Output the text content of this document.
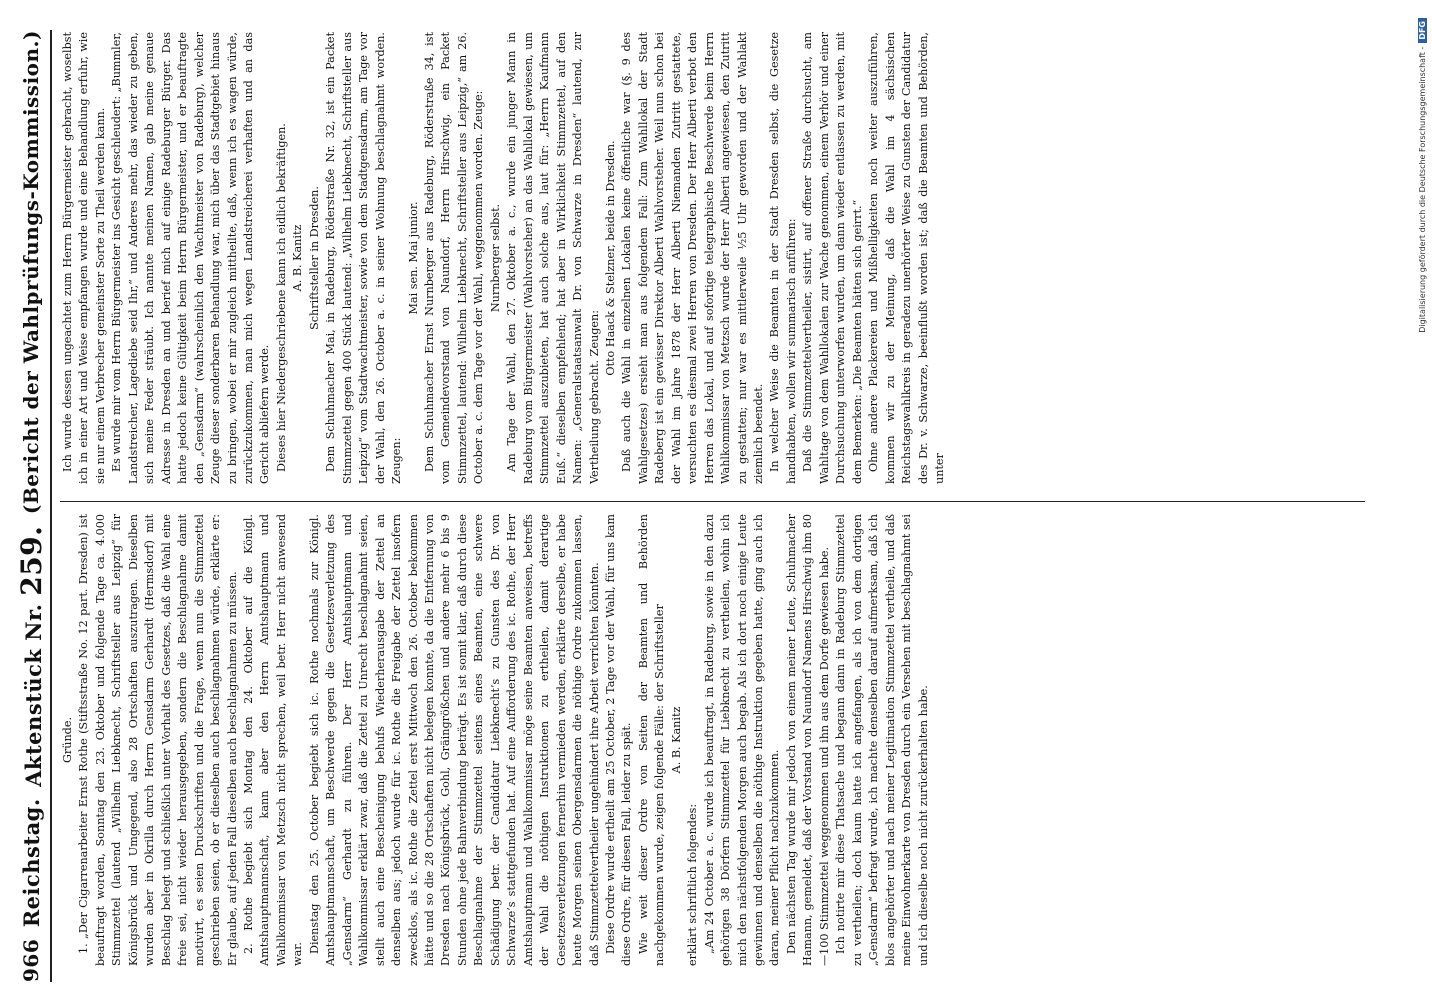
966
Reichstag.
Aktenstück Nr. 259.
(Bericht der Wahlprüfungs-Kommission.)

Gründe. 1. „Der Cigarrenarbeiter Ernst Rothe (Stiftsstraße No. 12 part. Dresden) ist beauftragt worden, Sonntag den 23. Oktober und folgende Tage ca. 4.000 Stimmzettel (lautend „Wilhelm Liebknecht, Schriftsteller aus Leipzig“ für Königsbrück und Umgegend, also 28 Ortschaften auszutragen. Dieselben wurden aber in Okrilla durch Herrn Gensdarm Gerhardt (Hermsdorf) mit Beschlag belegt und schließlich unter Vorhalt des Gesetzes, daß die Wahl eine freie sei, nicht wieder herausgegeben, sondern die Beschlagnahme damit motivirt, es seien Druckschriften und die Frage, wenn nun die Stimmzettel geschrieben seien, ob er dieselben auch beschlagnahmen würde, erklärte er: Er glaube, auf jeden Fall dieselben auch beschlagnahmen zu müssen. 2. Rothe begiebt sich Montag den 24. Oktober auf die Königl. Amtshauptmannschaft, kann aber den Herrn Amtshauptmann und Wahlkommissar von Metzsch nicht sprechen, weil betr. Herr nicht anwesend war.

Dienstag den 25. October begiebt sich ic. Rothe nochmals zur Königl. Amtshauptmannschaft, um Beschwerde gegen die Gesetzesverletzung des „Gensdarm“ Gerhardt zu führen. Der Herr Amtshauptmann und Wahlkommissar erklärt zwar, daß die Zettel zu Unrecht beschlagnahmt seien, stellt auch eine Bescheinigung behufs Wiederherausgabe der Zettel an denselben aus; jedoch wurde für ic. Rothe die Freigabe der Zettel insofern zwecklos, als ic. Rothe die Zettel erst Mittwoch den 26. October bekommen hätte und so die 28 Ortschaften nicht belegen konnte, da die Entfernung von Dresden nach Königsbrück, Gohl, Gräingrößchen und andere mehr 6 bis 9 Stunden ohne jede Bahnverbindung beträgt. Es ist somit klar, daß durch diese Beschlagnahme der Stimmzettel seitens eines Beamten, eine schwere Schädigung betr. der Candidatur Liebknecht’s zu Gunsten des Dr. von Schwarze’s stattgefunden hat. Auf eine Aufforderung des ic. Rothe, der Herr Amtshauptmann und Wahlkommissar möge seine Beamten anweisen, betreffs der Wahl die nöthigen Instruktionen zu ertheilen, damit derartige Gesetzesverletzungen fernerhin vermieden werden, erklärte derselbe, er habe heute Morgen seinen Obergensdarmen die nöthige Ordre zukommen lassen, daß Stimmzettelvertheiler ungehindert ihre Arbeit verrichten könnten. Diese Ordre wurde ertheilt am 25 October, 2 Tage vor der Wahl, für uns kam diese Ordre, für diesen Fall, leider zu spät. Wie weit dieser Ordre von Seiten der Beamten und Behörden nachgekommen wurde, zeigen folgende Fälle: der Schriftsteller A. B. Kanitz

erklärt schriftlich folgendes: „Am 24 October a. c. wurde ich beauftragt, in Radeburg, sowie in den dazu gehörigen 38 Dörfern Stimmzettel für Liebknecht zu vertheilen, wohin ich mich den nächstfolgenden Morgen auch begab. Als ich dort noch einige Leute gewinnen und denselben die nöthige Instruktion gegeben hatte, ging auch ich daran, meiner Pflicht nachzukommen. Den nächsten Tag wurde mir jedoch von einem meiner Leute, Schuhmacher Hamann, gemeldet, daß der Vorstand von Naundorf Namens Hirschwig ihm 80—100 Stimmzettel weggenommen und ihn aus dem Dorfe gewiesen habe. Ich notirte mir diese Thatsache und begann dann in Radeburg Stimmzettel zu vertheilen; doch kaum hatte ich angefangen, als ich von dem dortigen „Gensdarm“ befragt wurde, ich machte denselben darauf aufmerksam, daß ich blos angehörter und nach meiner Legitimation Stimmzettel vertheile, und daß meine Einwohnerkarte von Dresden durch ein Versehen mit beschlagnahmt sei und ich dieselbe noch nicht zurückerhalten habe.

Ich wurde dessen ungeachtet zum Herrn Bürgermeister gebracht, woselbst ich in einer Art und Weise empfangen wurde und eine Behandlung erfuhr, wie sie nur einem Verbrecher gemeinster Sorte zu Theil werden kann. Es wurde mir vom Herrn Bürgermeister ins Gesicht geschleudert: „Bummler, Landstreicher, Lagediebe seid Ihr,“ und Anderes mehr, das wieder zu geben, sich meine Feder sträubt. Ich nannte meinen Namen, gab meine genaue Adresse in Dresden an und berief mich auf einige Radeburger Bürger. Das hatte jedoch keine Gültigkeit beim Herrn Bürgermeister, und er beauftragte den „Gensdarm“ (wahrscheinlich den Wachtmeister von Radeburg), welcher Zeuge dieser sonderbaren Behandlung war, mich über das Stadtgebiet hinaus zu bringen, wobei er mir zugleich mittheilte, daß, wenn ich es wagen würde, zurückzukommen, man mich wegen Landstreicherei verhaften und an das Gericht abliefern werde. Dieses hier Niedergeschriebene kann ich eidlich bekräftigen. A. B. Kanitz Schriftsteller in Dresden. Dem Schuhmacher Mai, in Radeburg, Röderstraße Nr. 32, ist ein Packet Stimmzettel gegen 400 Stück lautend: „Wilhelm Liebknecht, Schriftsteller aus Leipzig“ vom Stadtwachtmeister, sowie von dem Stadtgensdarm, am Tage vor der Wahl, den 26. October a. c. in seiner Wohnung beschlagnahmt worden. Zeugen:

Mai sen. Mai junior. Dem Schuhmacher Ernst Nurnberger aus Radeburg, Röderstraße 34, ist vom Gemeindevorstand von Naundorf, Herrn Hirschwig, ein Packet Stimmzettel, lautend: Wilhelm Liebknecht, Schriftsteller aus Leipzig,“ am 26. October a. c. dem Tage vor der Wahl, weggenommen worden. Zeuge: Nurnberger selbst. Am Tage der Wahl, den 27. Oktober a. c., wurde ein junger Mann in Radeburg vom Bürgermeister (Wahlvorsteher) an das Wahllokal gewiesen, um Stimmzettel auszubieten, hat auch solche aus, laut für: „Herrn Kaufmann Euß.“ dieselben empfehlend; hat aber in Wirklichkeit Stimmzettel, auf den Namen: „Generalstaatsanwalt Dr. von Schwarze in Dresden“ lautend, zur Vertheilung gebracht. Zeugen:

Otto Haack & Stelzner, beide in Dresden. Daß auch die Wahl in einzelnen Lokalen keine öffentliche war (§. 9 des Wahlgesetzes) ersieht man aus folgendem Fall: Zum Wahllokal der Stadt Radeberg ist ein gewisser Direktor Alberti Wahlvorsteher. Weil nun schon bei der Wahl im Jahre 1878 der Herr Alberti Niemanden Zutritt gestattete, versuchten es diesmal zwei Herren von Dresden. Der Herr Alberti verbot den Herren das Lokal, und auf sofortige telegraphische Beschwerde beim Herrn Wahlkommissar von Metzsch wurde der Herr Alberti angewiesen, den Zutritt zu gestatten; nur war es mittlerweile ¹⁄₂5 Uhr geworden und der Wahlakt ziemlich beendet. In welcher Weise die Beamten in der Stadt Dresden selbst, die Gesetze handhabten, wollen wir summarisch anführen: Daß die Stimmzettelvertheiler, sistirt, auf offener Straße durchsucht, am Wahltage von dem Wahllokalen zur Wache genommen, einem Verhör und einer Durchsuchung unterworfen wurden, um dann wieder entlassen zu werden, mit dem Bemerken: „Die Beamten hätten sich geirrt.“ Ohne andere Plackereien und Mißhelligkeiten noch weiter auszuführen, kommen wir zu der Meinung, daß die Wahl im 4 sächsischen Reichstagswahlkreis in geradezu unerhörter Weise zu Gunsten der Candidatur des Dr. v. Schwarze, beeinflußt worden ist; daß die Beamten und Behörden, unter

Digitalisierung gefördert durch die Deutsche Forschungsgemeinschaft -DFG
